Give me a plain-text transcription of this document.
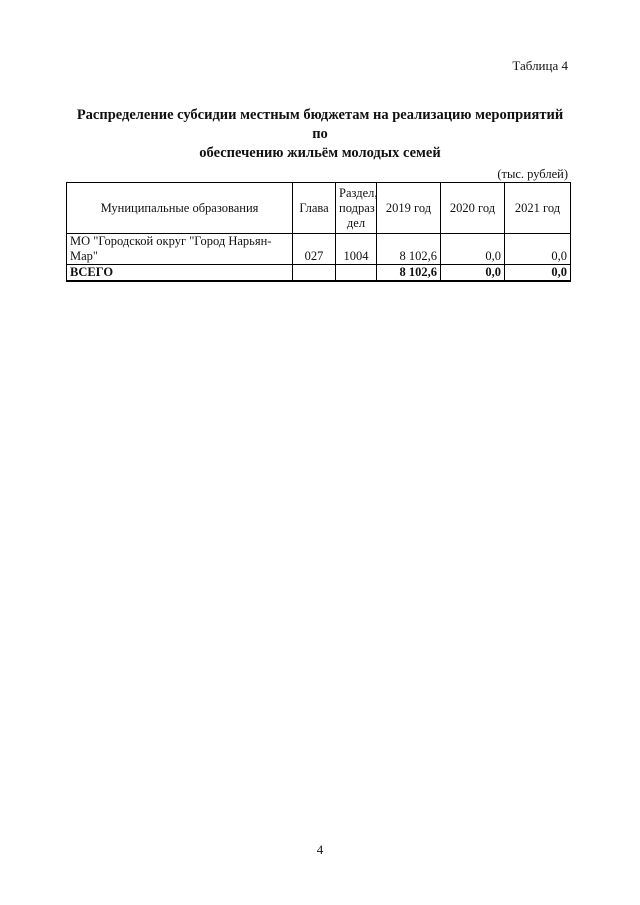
Таблица 4
Распределение субсидии местным бюджетам на реализацию мероприятий по
обеспечению жильём молодых семей
(тыс. рублей)
Муниципальные образования	Глава	Раздел,
подраз
дел	2019 год	2020 год	2021 год
МО "Городской округ "Город Нарьян-Мар"	027	1004	8 102,6	0,0	0,0
ВСЕГО			8 102,6	0,0	0,0
4
